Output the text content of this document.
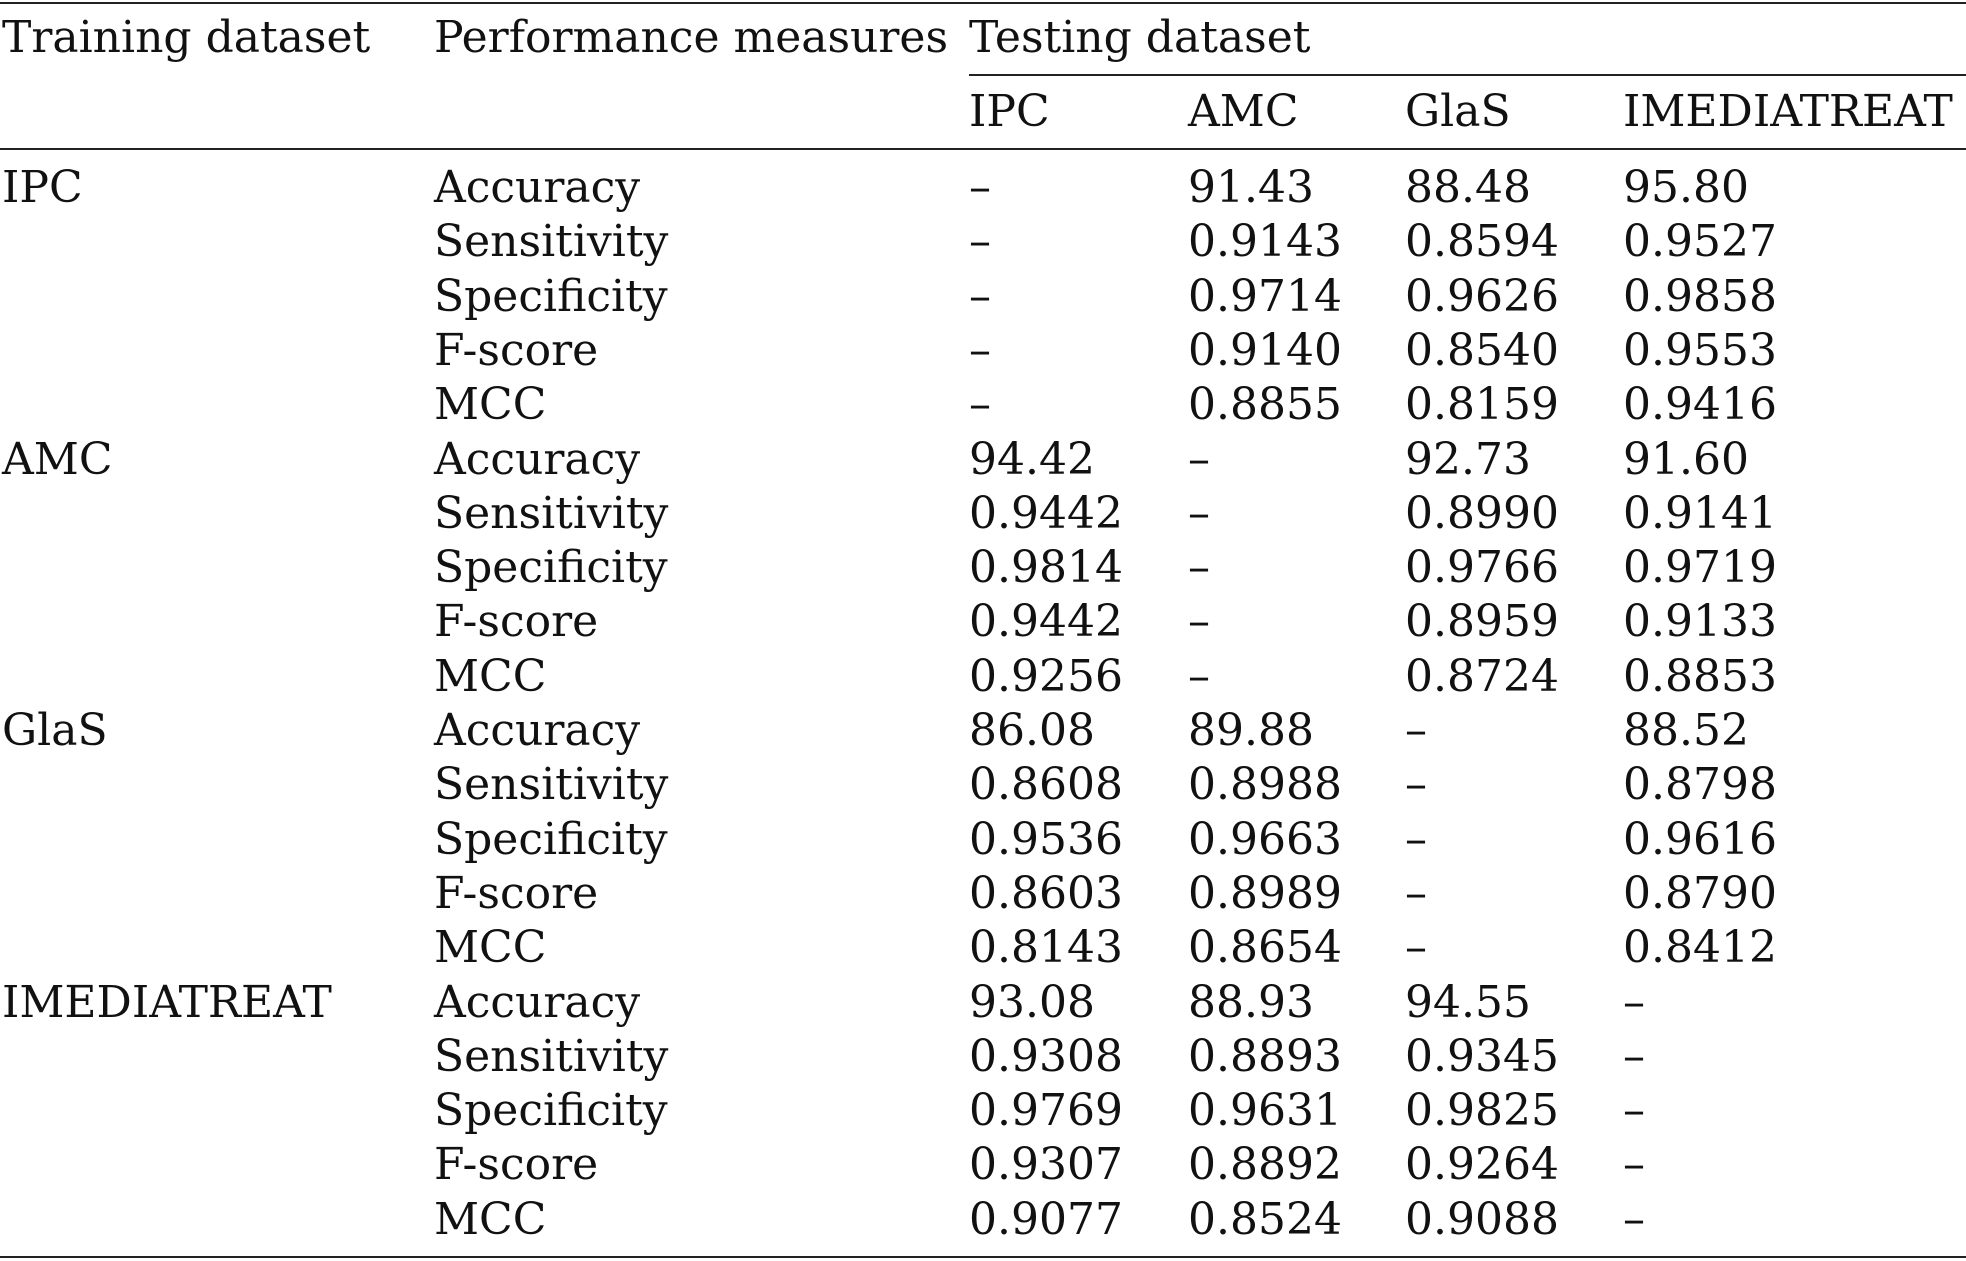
Training dataset Performance measures Testing dataset
IPC	AMC GlaS	IMEDIATREAT
IPC	Accuracy	–	91.43 88.48 95.80
Sensitivity	–	0.9143 0.8594 0.9527
Specificity	–	0.9714 0.9626 0.9858
F-score	–	0.9140 0.8540 0.9553
MCC	–	0.8855 0.8159 0.9416
AMC	Accuracy	94.42 –	92.73 91.60
Sensitivity	0.9442 –	0.8990 0.9141
Specificity	0.9814 –	0.9766 0.9719
F-score	0.9442 –	0.8959 0.9133
MCC	0.9256 –	0.8724 0.8853
GlaS	Accuracy	86.08 89.88 –	88.52
Sensitivity	0.8608 0.8988 –	0.8798
Specificity	0.9536 0.9663 –	0.9616
F-score	0.8603 0.8989 –	0.8790
MCC	0.8143 0.8654 –	0.8412
IMEDIATREAT Accuracy	93.08 88.93 94.55 –
Sensitivity	0.9308 0.8893 0.9345 –
Specificity	0.9769 0.9631 0.9825 –
F-score	0.9307 0.8892 0.9264 –
MCC	0.9077 0.8524 0.9088 –
